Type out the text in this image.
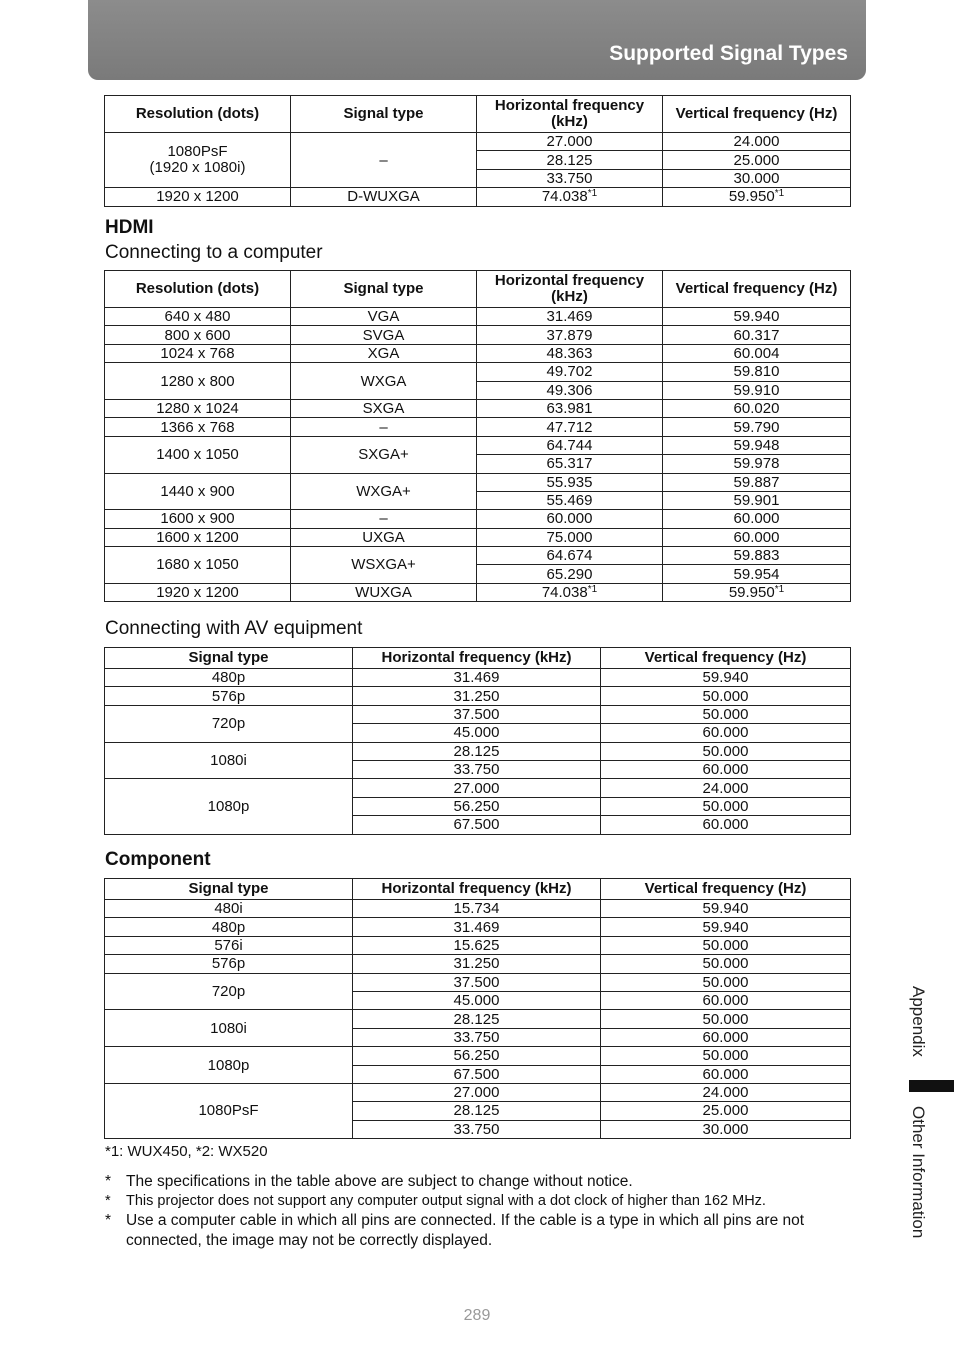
Supported Signal Types
Resolution (dots)	Signal type	Horizontal frequency (kHz)	Vertical frequency (Hz)
1080PsF
(1920 x 1080i)	–	27.000	24.000
		28.125	25.000
		33.750	30.000
1920 x 1200	D-WUXGA	74.038$^{*1}$	59.950$^{*1}$
HDMI
Connecting to a computer
Resolution (dots)	Signal type	Horizontal frequency (kHz)	Vertical frequency (Hz)
640 x 480	VGA	31.469	59.940
800 x 600	SVGA	37.879	60.317
1024 x 768	XGA	48.363	60.004
1280 x 800	WXGA	49.702	59.810
		49.306	59.910
1280 x 1024	SXGA	63.981	60.020
1366 x 768	–	47.712	59.790
1400 x 1050	SXGA+	64.744	59.948
		65.317	59.978
1440 x 900	WXGA+	55.935	59.887
		55.469	59.901
1600 x 900	–	60.000	60.000
1600 x 1200	UXGA	75.000	60.000
1680 x 1050	WSXGA+	64.674	59.883
		65.290	59.954
1920 x 1200	WUXGA	74.038$^{*1}$	59.950$^{*1}$
Connecting with AV equipment
Signal type	Horizontal frequency (kHz)	Vertical frequency (Hz)
480p	31.469	59.940
576p	31.250	50.000
720p	37.500	50.000
	45.000	60.000
1080i	28.125	50.000
	33.750	60.000
1080p	27.000	24.000
	56.250	50.000
	67.500	60.000
Component
Signal type	Horizontal frequency (kHz)	Vertical frequency (Hz)
480i	15.734	59.940
480p	31.469	59.940
576i	15.625	50.000
576p	31.250	50.000
720p	37.500	50.000
	45.000	60.000
1080i	28.125	50.000
	33.750	60.000
1080p	56.250	50.000
	67.500	60.000
1080PsF	27.000	24.000
	28.125	25.000
	33.750	30.000
*1: WUX450, *2: WX520
* The specifications in the table above are subject to change without notice.
* This projector does not support any computer output signal with a dot clock of higher than 162 MHz.
* Use a computer cable in which all pins are connected. If the cable is a type in which all pins are not connected, the image may not be correctly displayed.
289
Appendix
Other Information
